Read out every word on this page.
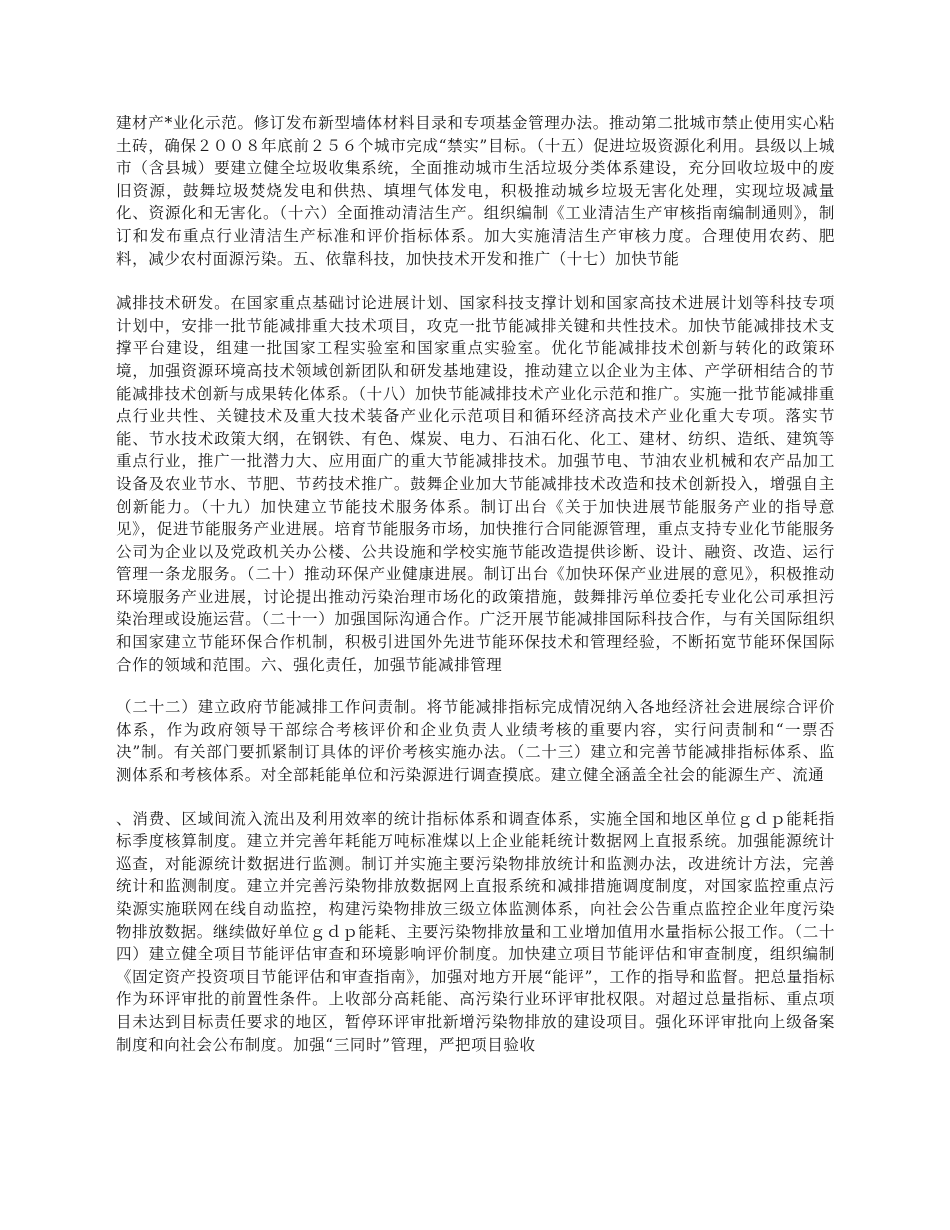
建材产*业化示范。修订发布新型墙体材料目录和专项基金管理办法。推动第二批城市禁止使用实心粘土砖，确保２００８年底前２５６个城市完成“禁实”目标。（十五）促进垃圾资源化利用。县级以上城市（含县城）要建立健全垃圾收集系统，全面推动城市生活垃圾分类体系建设，充分回收垃圾中的废旧资源，鼓舞垃圾焚烧发电和供热、填埋气体发电，积极推动城乡垃圾无害化处理，实现垃圾减量化、资源化和无害化。（十六）全面推动清洁生产。组织编制《工业清洁生产审核指南编制通则》，制订和发布重点行业清洁生产标准和评价指标体系。加大实施清洁生产审核力度。合理使用农药、肥料，减少农村面源污染。五、依靠科技，加快技术开发和推广（十七）加快节能

减排技术研发。在国家重点基础讨论进展计划、国家科技支撑计划和国家高技术进展计划等科技专项计划中，安排一批节能减排重大技术项目，攻克一批节能减排关键和共性技术。加快节能减排技术支撑平台建设，组建一批国家工程实验室和国家重点实验室。优化节能减排技术创新与转化的政策环境，加强资源环境高技术领域创新团队和研发基地建设，推动建立以企业为主体、产学研相结合的节能减排技术创新与成果转化体系。（十八）加快节能减排技术产业化示范和推广。实施一批节能减排重点行业共性、关键技术及重大技术装备产业化示范项目和循环经济高技术产业化重大专项。落实节能、节水技术政策大纲，在钢铁、有色、煤炭、电力、石油石化、化工、建材、纺织、造纸、建筑等重点行业，推广一批潜力大、应用面广的重大节能减排技术。加强节电、节油农业机械和农产品加工设备及农业节水、节肥、节药技术推广。鼓舞企业加大节能减排技术改造和技术创新投入，增强自主创新能力。（十九）加快建立节能技术服务体系。制订出台《关于加快进展节能服务产业的指导意见》，促进节能服务产业进展。培育节能服务市场，加快推行合同能源管理，重点支持专业化节能服务公司为企业以及党政机关办公楼、公共设施和学校实施节能改造提供诊断、设计、融资、改造、运行管理一条龙服务。（二十）推动环保产业健康进展。制订出台《加快环保产业进展的意见》，积极推动环境服务产业进展，讨论提出推动污染治理市场化的政策措施，鼓舞排污单位委托专业化公司承担污染治理或设施运营。（二十一）加强国际沟通合作。广泛开展节能减排国际科技合作，与有关国际组织和国家建立节能环保合作机制，积极引进国外先进节能环保技术和管理经验，不断拓宽节能环保国际合作的领域和范围。六、强化责任，加强节能减排管理

（二十二）建立政府节能减排工作问责制。将节能减排指标完成情况纳入各地经济社会进展综合评价体系，作为政府领导干部综合考核评价和企业负责人业绩考核的重要内容，实行问责制和“一票否决”制。有关部门要抓紧制订具体的评价考核实施办法。（二十三）建立和完善节能减排指标体系、监测体系和考核体系。对全部耗能单位和污染源进行调查摸底。建立健全涵盖全社会的能源生产、流通

、消费、区域间流入流出及利用效率的统计指标体系和调查体系，实施全国和地区单位ｇｄｐ能耗指标季度核算制度。建立并完善年耗能万吨标准煤以上企业能耗统计数据网上直报系统。加强能源统计巡查，对能源统计数据进行监测。制订并实施主要污染物排放统计和监测办法，改进统计方法，完善统计和监测制度。建立并完善污染物排放数据网上直报系统和减排措施调度制度，对国家监控重点污染源实施联网在线自动监控，构建污染物排放三级立体监测体系，向社会公告重点监控企业年度污染物排放数据。继续做好单位ｇｄｐ能耗、主要污染物排放量和工业增加值用水量指标公报工作。（二十四）建立健全项目节能评估审查和环境影响评价制度。加快建立项目节能评估和审查制度，组织编制《固定资产投资项目节能评估和审查指南》，加强对地方开展“能评”，工作的指导和监督。把总量指标作为环评审批的前置性条件。上收部分高耗能、高污染行业环评审批权限。对超过总量指标、重点项目未达到目标责任要求的地区，暂停环评审批新增污染物排放的建设项目。强化环评审批向上级备案制度和向社会公布制度。加强“三同时”管理，严把项目验收
